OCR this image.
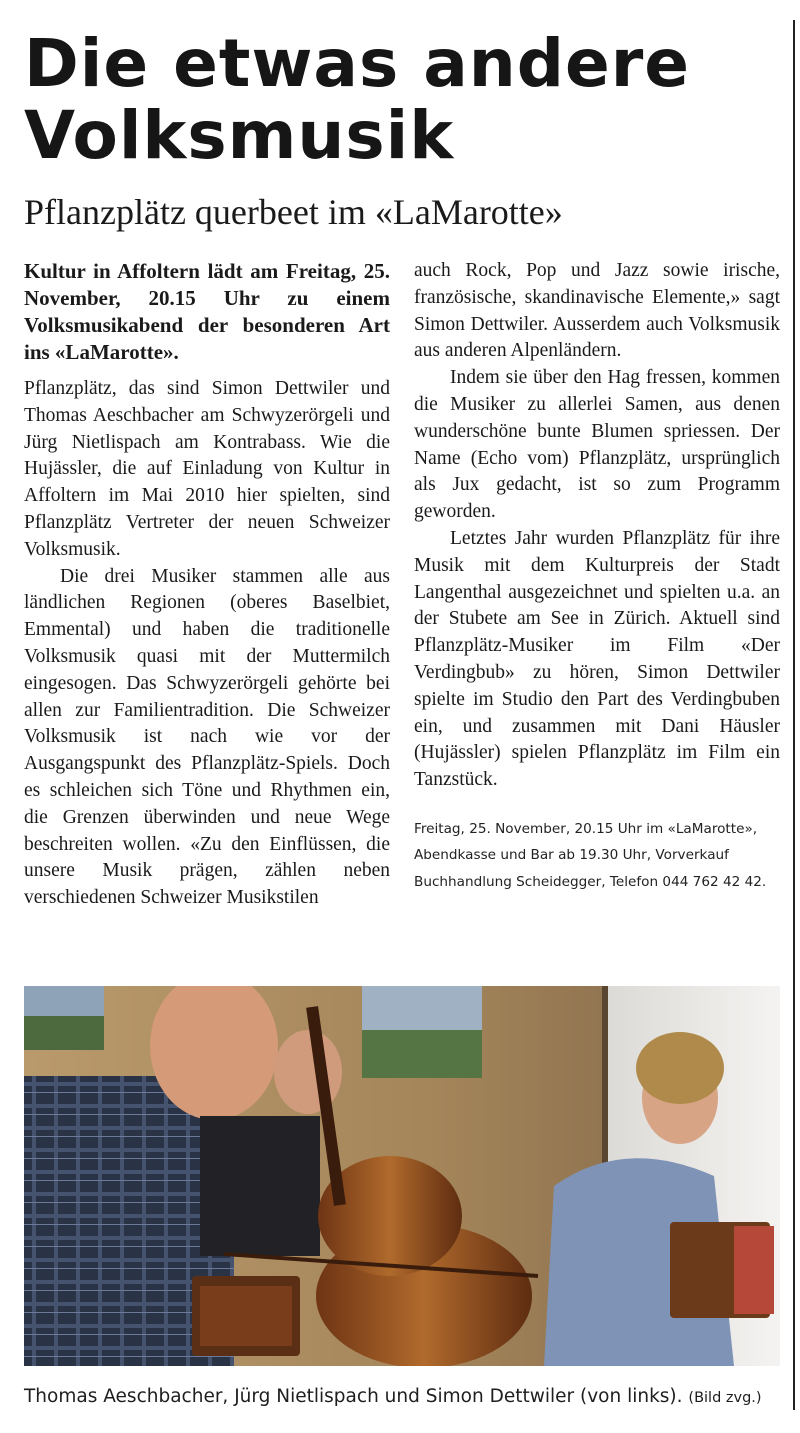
Die etwas andere Volksmusik
Pflanzplätz querbeet im «LaMarotte»

Kultur in Affoltern lädt am Freitag, 25. November, 20.15 Uhr zu einem Volksmusikabend der besonderen Art ins «LaMarotte».

Pflanzplätz, das sind Simon Dettwiler und Thomas Aeschbacher am Schwyzerörgeli und Jürg Nietlispach am Kontrabass. Wie die Hujässler, die auf Einladung von Kultur in Affoltern im Mai 2010 hier spielten, sind Pflanzplätz Vertreter der neuen Schweizer Volksmusik.

Die drei Musiker stammen alle aus ländlichen Regionen (oberes Baselbiet, Emmental) und haben die traditionelle Volksmusik quasi mit der Muttermilch eingesogen. Das Schwyzerörgeli gehörte bei allen zur Familientradition. Die Schweizer Volksmusik ist nach wie vor der Ausgangspunkt des Pflanzplätz-Spiels. Doch es schleichen sich Töne und Rhythmen ein, die Grenzen überwinden und neue Wege beschreiten wollen. «Zu den Einflüssen, die unsere Musik prägen, zählen neben verschiedenen Schweizer Musikstilen

auch Rock, Pop und Jazz sowie irische, französische, skandinavische Elemente,» sagt Simon Dettwiler. Ausserdem auch Volksmusik aus anderen Alpenländern.

Indem sie über den Hag fressen, kommen die Musiker zu allerlei Samen, aus denen wunderschöne bunte Blumen spriessen. Der Name (Echo vom) Pflanzplätz, ursprünglich als Jux gedacht, ist so zum Programm geworden.

Letztes Jahr wurden Pflanzplätz für ihre Musik mit dem Kulturpreis der Stadt Langenthal ausgezeichnet und spielten u.a. an der Stubete am See in Zürich. Aktuell sind Pflanzplätz-Musiker im Film «Der Verdingbub» zu hören, Simon Dettwiler spielte im Studio den Part des Verdingbuben ein, und zusammen mit Dani Häusler (Hujässler) spielen Pflanzplätz im Film ein Tanzstück.

Freitag, 25. November, 20.15 Uhr im «LaMarotte», Abendkasse und Bar ab 19.30 Uhr, Vorverkauf Buchhandlung Scheidegger, Telefon 044 762 42 42.

Thomas Aeschbacher, Jürg Nietlispach und Simon Dettwiler (von links). (Bild zvg.)
